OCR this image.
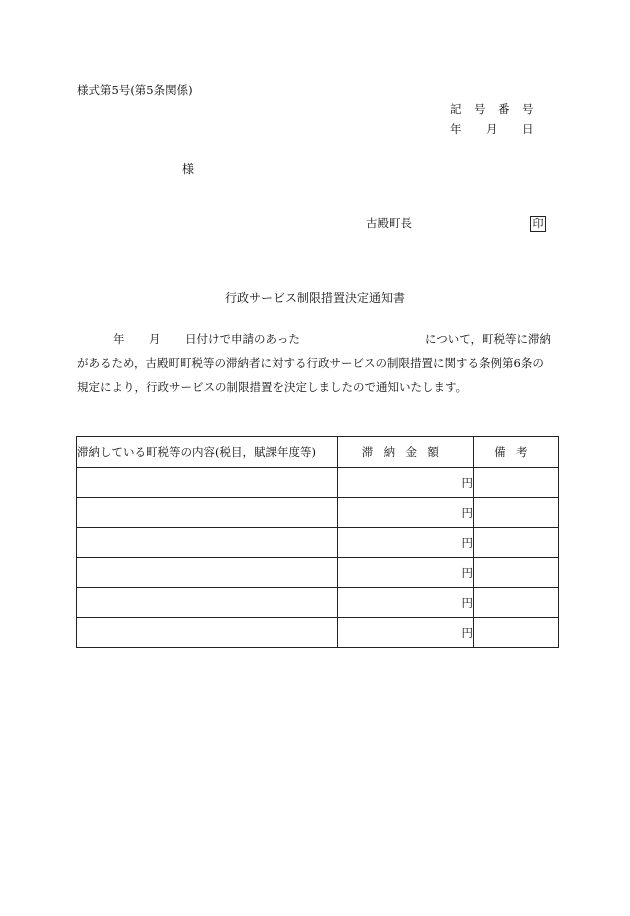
様式第5号(第5条関係)
記 号 番 号
年 月 日
様
古殿町長	印
行政サービス制限措置決定通知書
年 月 日付けで申請のあった	について，町税等に滞納
があるため，古殿町町税等の滞納者に対する行政サービスの制限措置に関する条例第6条の
規定により，行政サービスの制限措置を決定しましたので通知いたします。
滞納している町税等の内容(税目，賦課年度等)	滞納金額	備考
	円	
	円	
	円	
	円	
	円	
	円	
